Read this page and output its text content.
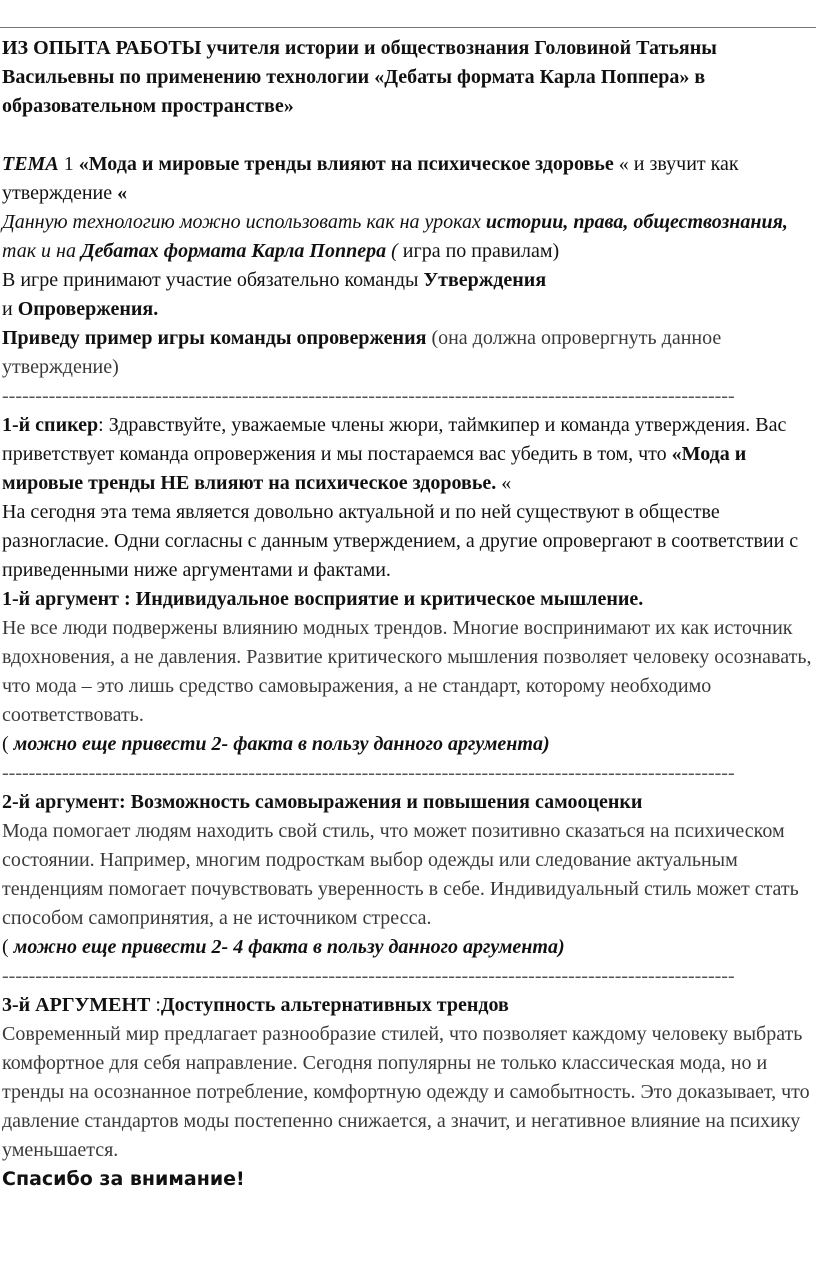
ИЗ ОПЫТА РАБОТЫ учителя истории и обществознания Головиной Татьяны Васильевны по применению технологии «Дебаты формата Карла Поппера» в образовательном пространстве»

ТЕМА 1 «Мода и мировые тренды влияют на психическое здоровье « и звучит как утверждение «

Данную технологию можно использовать как на уроках истории, права, обществознания, так и на Дебатах формата Карла Поппера ( игра по правилам)

В игре принимают участие обязательно команды Утверждения
и Опровержения.

Приведу пример игры команды опровержения (она должна опровергнуть данное утверждение)

--------------------------------------------------------------------------------------------------------------

1-й спикер: Здравствуйте, уважаемые члены жюри, таймкипер и команда утверждения. Вас приветствует команда опровержения и мы постараемся вас убедить в том, что «Мода и мировые тренды НЕ влияют на психическое здоровье. «

На сегодня эта тема является довольно актуальной и по ней существуют в обществе разногласие. Одни согласны с данным утверждением, а другие опровергают в соответствии с приведенными ниже аргументами и фактами.

1-й аргумент : Индивидуальное восприятие и критическое мышление.

Не все люди подвержены влиянию модных трендов. Многие воспринимают их как источник вдохновения, а не давления. Развитие критического мышления позволяет человеку осознавать, что мода – это лишь средство самовыражения, а не стандарт, которому необходимо соответствовать.

( можно еще привести 2- факта в пользу данного аргумента)

--------------------------------------------------------------------------------------------------------------

2-й аргумент: Возможность самовыражения и повышения самооценки

Мода помогает людям находить свой стиль, что может позитивно сказаться на психическом состоянии. Например, многим подросткам выбор одежды или следование актуальным тенденциям помогает почувствовать уверенность в себе. Индивидуальный стиль может стать способом самопринятия, а не источником стресса.

( можно еще привести 2- 4 факта в пользу данного аргумента)

--------------------------------------------------------------------------------------------------------------

3-й АРГУМЕНТ :Доступность альтернативных трендов

Современный мир предлагает разнообразие стилей, что позволяет каждому человеку выбрать комфортное для себя направление. Сегодня популярны не только классическая мода, но и тренды на осознанное потребление, комфортную одежду и самобытность. Это доказывает, что давление стандартов моды постепенно снижается, а значит, и негативное влияние на психику уменьшается.

Спасибо за внимание!
